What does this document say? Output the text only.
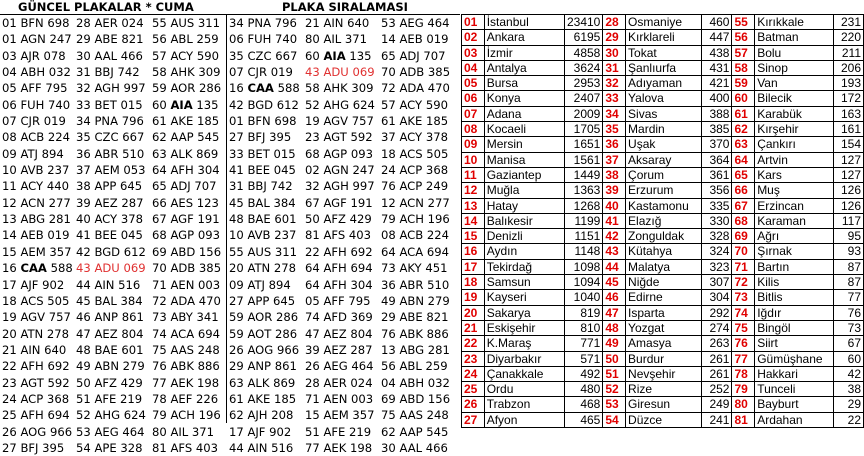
GÜNCEL PLAKALAR * CUMA	PLAKA SIRALAMASI
01 BFN 698 28 AER 024 55 AUS 311 34 PNA 796 21 AIN 640 53 AEG 464
01 AGN 247 29 ABE 821 56 ABL 259 06 FUH 740 80 AIL 371 14 AEB 019
03 AJR 078 30 AAL 466 57 ACY 590 35 CZC 667 60 AIA 135 65 ADJ 707
04 ABH 032 31 BBJ 742 58 AHK 309 07 CJR 019 43 ADU 069 70 ADB 385
05 AFF 795 32 AGH 997 59 AOR 286 16 CAA 588 58 AHK 309 72 ADA 470
06 FUH 740 33 BET 015 60 AIA 135 42 BGD 612 52 AHG 624 57 ACY 590
07 CJR 019 34 PNA 796 61 AKE 185 01 BFN 698 19 AGV 757 61 AKE 185
08 ACB 224 35 CZC 667 62 AAP 545 27 BFJ 395 23 AGT 592 37 ACY 378
09 ATJ 894 36 ABR 510 63 ALK 869 33 BET 015 68 AGP 093 18 ACS 505
10 AVB 237 37 AEM 053 64 AFH 304 41 BEE 045 02 AGN 247 24 ACP 368
11 ACY 440 38 APP 645 65 ADJ 707 31 BBJ 742 32 AGH 997 76 ACP 249
12 ACN 277 39 AEZ 287 66 AES 123 45 BAL 384 67 AGF 191 12 ACN 277
13 ABG 281 40 ACY 378 67 AGF 191 48 BAE 601 50 AFZ 429 79 ACH 196
14 AEB 019 41 BEE 045 68 AGP 093 10 AVB 237 81 AFS 403 08 ACB 224
15 AEM 357 42 BGD 612 69 ABD 156 55 AUS 311 22 AFH 692 64 ACA 694
16 CAA 588 43 ADU 069 70 ADB 385 20 ATN 278 64 AFH 694 73 AKY 451
17 AJF 902 44 AIN 516 71 AEN 003 09 ATJ 894 64 AFH 304 36 ABR 510
18 ACS 505 45 BAL 384 72 ADA 470 27 APP 645 05 AFF 795 49 ABN 279
19 AGV 757 46 ANP 861 73 ABY 341 59 AOR 286 74 AFD 369 29 ABE 821
20 ATN 278 47 AEZ 804 74 ACA 694 59 AOT 286 47 AEZ 804 76 ABK 886
21 AIN 640 48 BAE 601 75 AAS 248 26 AOG 966 39 AEZ 287 13 ABG 281
22 AFH 692 49 ABN 279 76 ABK 886 29 ANP 861 26 AEG 464 56 ABL 259
23 AGT 592 50 AFZ 429 77 AEK 198 63 ALK 869 28 AER 024 04 ABH 032
24 ACP 368 51 AFE 219 78 AEF 226 61 AKE 185 71 AEN 003 69 ABD 156
25 AFH 694 52 AHG 624 79 ACH 196 62 AJH 208 15 AEM 357 75 AAS 248
26 AOG 966 53 AEG 464 80 AIL 371 17 AJF 902 51 AFE 219 62 AAP 545
27 BFJ 395 54 APE 328 81 AFS 403 44 AIN 516 77 AEK 198 30 AAL 466
01	İstanbul	23410	28	Osmaniye	460	55	Kırıkkale	231
02	Ankara	6195	29	Kırklareli	447	56	Batman	220
03	İzmir	4858	30	Tokat	438	57	Bolu	211
04	Antalya	3624	31	Şanlıurfa	431	58	Sinop	206
05	Bursa	2953	32	Adıyaman	421	59	Van	193
06	Konya	2407	33	Yalova	400	60	Bilecik	172
07	Adana	2009	34	Sivas	388	61	Karabük	163
08	Kocaeli	1705	35	Mardin	385	62	Kırşehir	161
09	Mersin	1651	36	Uşak	370	63	Çankırı	154
10	Manisa	1561	37	Aksaray	364	64	Artvin	127
11	Gaziantep	1449	38	Çorum	361	65	Kars	127
12	Muğla	1363	39	Erzurum	356	66	Muş	126
13	Hatay	1268	40	Kastamonu	335	67	Erzincan	126
14	Balıkesir	1199	41	Elazığ	330	68	Karaman	117
15	Denizli	1151	42	Zonguldak	328	69	Ağrı	95
16	Aydın	1148	43	Kütahya	324	70	Şırnak	93
17	Tekirdağ	1098	44	Malatya	323	71	Bartın	87
18	Samsun	1094	45	Niğde	307	72	Kilis	87
19	Kayseri	1040	46	Edirne	304	73	Bitlis	77
20	Sakarya	819	47	Isparta	292	74	Iğdır	76
21	Eskişehir	810	48	Yozgat	274	75	Bingöl	73
22	K.Maraş	771	49	Amasya	263	76	Siirt	67
23	Diyarbakır	571	50	Burdur	261	77	Gümüşhane	60
24	Çanakkale	492	51	Nevşehir	261	78	Hakkari	42
25	Ordu	480	52	Rize	252	79	Tunceli	38
26	Trabzon	468	53	Giresun	249	80	Bayburt	29
27	Afyon	465	54	Düzce	241	81	Ardahan	22
